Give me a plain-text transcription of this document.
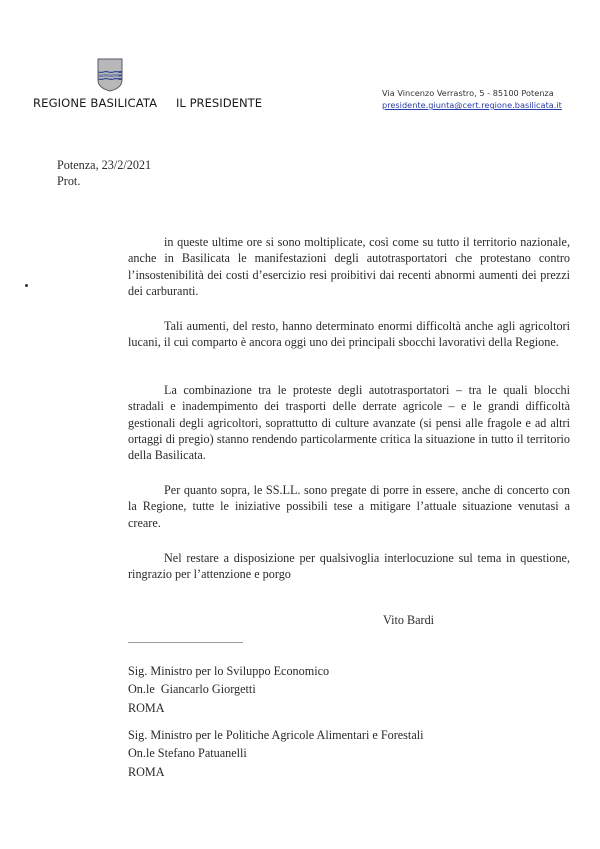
REGIONE BASILICATA IL PRESIDENTE
Via Vincenzo Verrastro, 5 - 85100 Potenza
presidente.giunta@cert.regione.basilicata.it
Potenza, 23/2/2021
Prot.
in queste ultime ore si sono moltiplicate, così come su tutto il territorio nazionale, anche in Basilicata le manifestazioni degli autotrasportatori che protestano contro l’insostenibilità dei costi d’esercizio resi proibitivi dai recenti abnormi aumenti dei prezzi dei carburanti.
Tali aumenti, del resto, hanno determinato enormi difficoltà anche agli agricoltori lucani, il cui comparto è ancora oggi uno dei principali sbocchi lavorativi della Regione.
La combinazione tra le proteste degli autotrasportatori – tra le quali blocchi stradali e inadempimento dei trasporti delle derrate agricole – e le grandi difficoltà gestionali degli agricoltori, soprattutto di culture avanzate (si pensi alle fragole e ad altri ortaggi di pregio) stanno rendendo particolarmente critica la situazione in tutto il territorio della Basilicata.
Per quanto sopra, le SS.LL. sono pregate di porre in essere, anche di concerto con la Regione, tutte le iniziative possibili tese a mitigare l’attuale situazione venutasi a creare.
Nel restare a disposizione per qualsivoglia interlocuzione sul tema in questione, ringrazio per l’attenzione e porgo
Vito Bardi
Sig. Ministro per lo Sviluppo Economico
On.le  Giancarlo Giorgetti
ROMA
Sig. Ministro per le Politiche Agricole Alimentari e Forestali
On.le Stefano Patuanelli
ROMA
